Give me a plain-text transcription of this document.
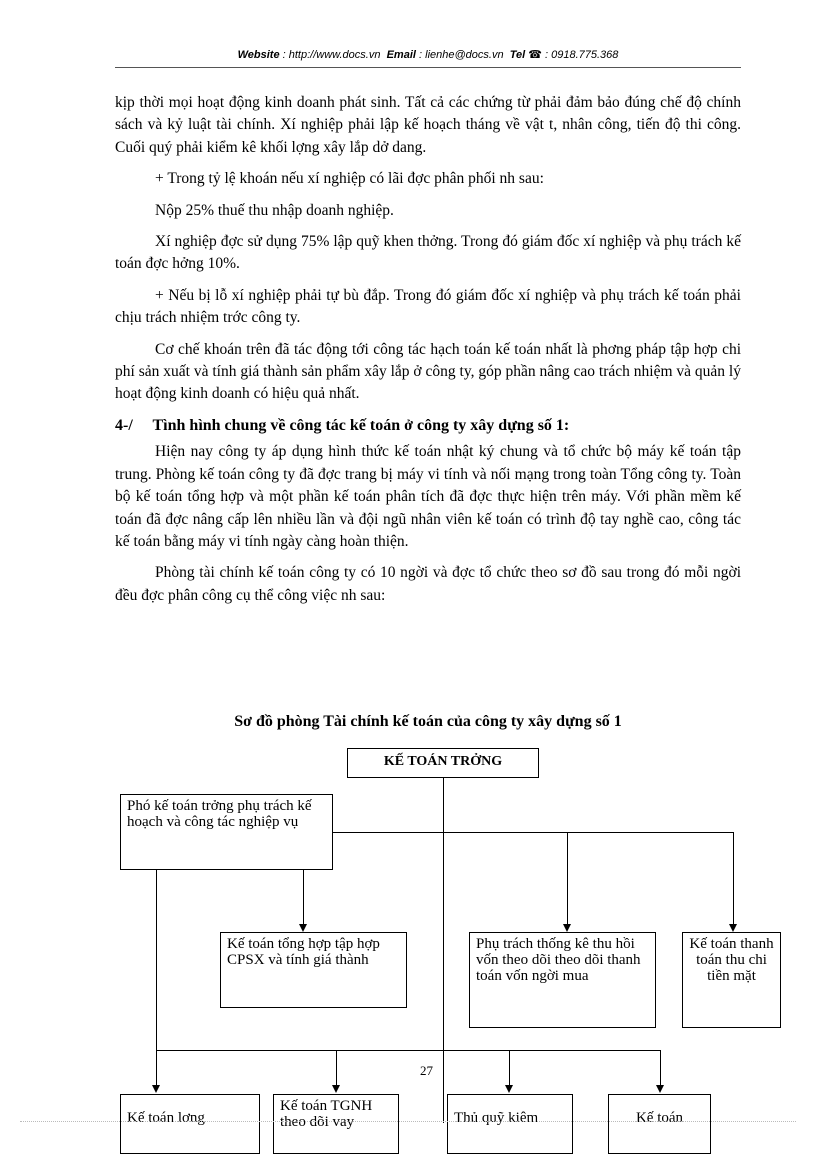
Website : http://www.docs.vn Email : lienhe@docs.vn Tel ☎ : 0918.775.368

kịp thời mọi hoạt động kinh doanh phát sinh. Tất cả các chứng từ phải đảm bảo đúng chế độ chính sách và kỷ luật tài chính. Xí nghiệp phải lập kế hoạch tháng về vật t, nhân công, tiến độ thi công. Cuối quý phải kiểm kê khối lợng xây lắp dở dang.

+ Trong tỷ lệ khoán nếu xí nghiệp có lãi đợc phân phối nh sau:

Nộp 25% thuế thu nhập doanh nghiệp.

Xí nghiệp đợc sử dụng 75% lập quỹ khen thởng. Trong đó giám đốc xí nghiệp và phụ trách kế toán đợc hởng 10%.

+ Nếu bị lỗ xí nghiệp phải tự bù đắp. Trong đó giám đốc xí nghiệp và phụ trách kế toán phải chịu trách nhiệm trớc công ty.

Cơ chế khoán trên đã tác động tới công tác hạch toán kế toán nhất là phơng pháp tập hợp chi phí sản xuất và tính giá thành sản phẩm xây lắp ở công ty, góp phần nâng cao trách nhiệm và quản lý hoạt động kinh doanh có hiệu quả nhất.

4-/ Tình hình chung về công tác kế toán ở công ty xây dựng số 1:

Hiện nay công ty áp dụng hình thức kế toán nhật ký chung và tổ chức bộ máy kế toán tập trung. Phòng kế toán công ty đã đợc trang bị máy vi tính và nối mạng trong toàn Tổng công ty. Toàn bộ kế toán tổng hợp và một phần kế toán phân tích đã đợc thực hiện trên máy. Với phần mềm kế toán đã đợc nâng cấp lên nhiều lần và đội ngũ nhân viên kế toán có trình độ tay nghề cao, công tác kế toán bằng máy vi tính ngày càng hoàn thiện.

Phòng tài chính kế toán công ty có 10 ngời và đợc tổ chức theo sơ đồ sau trong đó mỗi ngời đều đợc phân công cụ thể công việc nh sau:

Sơ đồ phòng Tài chính kế toán của công ty xây dựng số 1
KẾ TOÁN TRỞNG
Phó kế toán trởng phụ trách kế hoạch và công tác nghiệp vụ
Kế toán tổng hợp tập hợp CPSX và tính giá thành
Phụ trách thống kê thu hồi vốn theo dõi theo dõi thanh toán vốn ngời mua
Kế toán thanh toán thu chi tiền mặt
Kế toán lơng
Kế toán TGNH theo dõi vay	Thủ quỹ kiêm	Kế toán
27
